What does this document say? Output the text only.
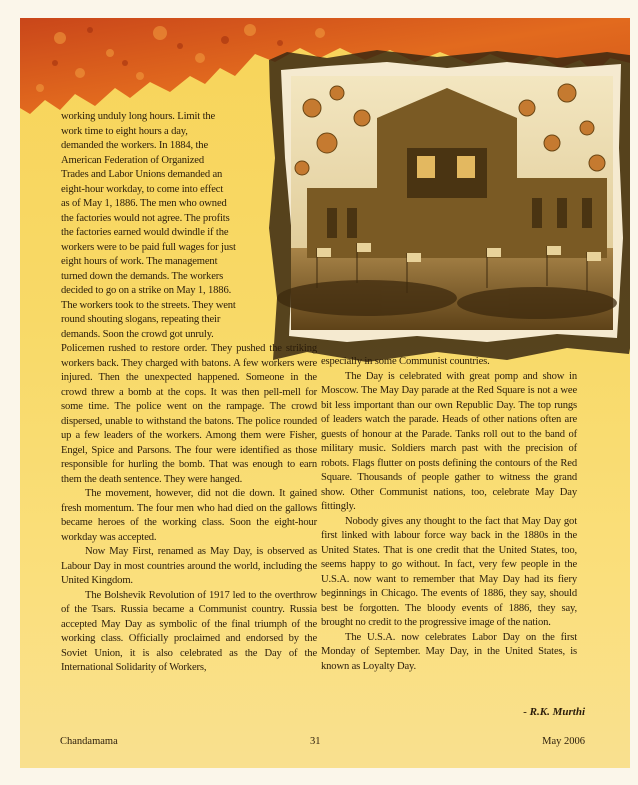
working unduly long hours. Limit the
work time to eight hours a day,
demanded the workers. In 1884, the
American Federation of Organized
Trades and Labor Unions demanded an
eight-hour workday, to come into effect
as of May 1, 1886. The men who owned
the factories would not agree. The profits
the factories earned would dwindle if the
workers were to be paid full wages for just
eight hours of work. The management
turned down the demands. The workers
decided to go on a strike on May 1, 1886.
The workers took to the streets. They went
round shouting slogans, repeating their
demands. Soon the crowd got unruly.

Policemen rushed to restore order. They pushed the striking workers back. They charged with batons. A few workers were injured. Then the unexpected happened. Someone in the crowd threw a bomb at the cops. It was then pell-mell for some time. The police went on the rampage. The crowd dispersed, unable to withstand the batons. The police rounded up a few leaders of the workers. Among them were Fisher, Engel, Spice and Parsons. The four were identified as those responsible for hurling the bomb. That was enough to earn them the death sentence. They were hanged.

The movement, however, did not die down. It gained fresh momentum. The four men who had died on the gallows became heroes of the working class. Soon the eight-hour workday was accepted.

Now May First, renamed as May Day, is observed as Labour Day in most countries around the world, including the United Kingdom.

The Bolshevik Revolution of 1917 led to the overthrow of the Tsars. Russia became a Communist country. Russia accepted May Day as symbolic of the final triumph of the working class. Officially proclaimed and endorsed by the Soviet Union, it is also celebrated as the Day of the International Solidarity of Workers,

especially in some Communist countries.

The Day is celebrated with great pomp and show in Moscow. The May Day parade at the Red Square is not a wee bit less important than our own Republic Day. The top rungs of leaders watch the parade. Heads of other nations often are guests of honour at the Parade. Tanks roll out to the band of military music. Soldiers march past with the precision of robots. Flags flutter on posts defining the contours of the Red Square. Thousands of people gather to witness the grand show. Other Communist nations, too, celebrate May Day fittingly.

Nobody gives any thought to the fact that May Day got first linked with labour force way back in the 1880s in the United States. That is one credit that the United States, too, seems happy to go without. In fact, very few people in the U.S.A. now want to remember that May Day had its fiery beginnings in Chicago. The events of 1886, they say, should best be forgotten. The bloody events of 1886, they say, brought no credit to the progressive image of the nation.

The U.S.A. now celebrates Labor Day on the first Monday of September. May Day, in the United States, is known as Loyalty Day.

- R.K. Murthi
Chandamama	31	May 2006
